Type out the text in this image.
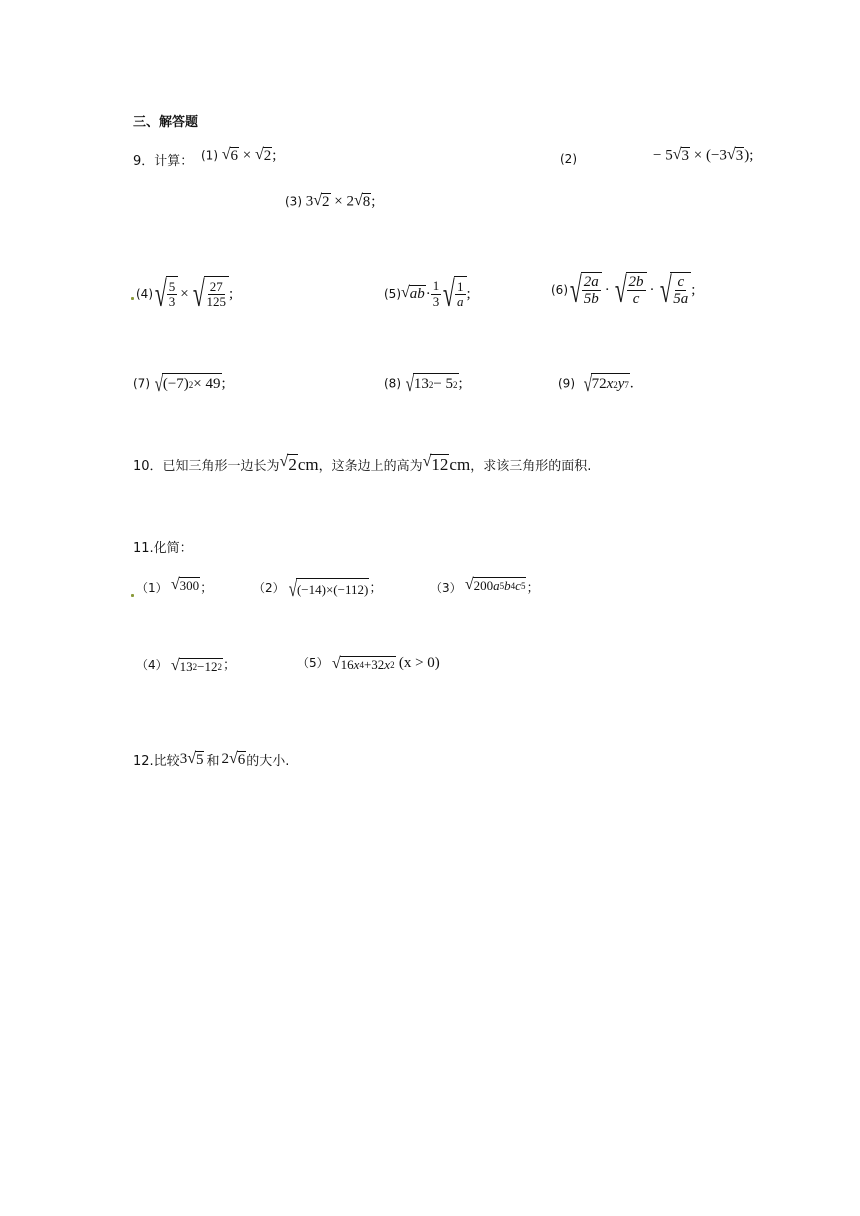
三、解答题
9．计算： (1) √ 6 × √ 2 ;	(2)	− 5 √ 3 × (−3 √ 3 );
(3) 3 √ 2 × 2 √ 8 ;
(4) √ $\frac{5}{3}$ × √ $\frac{27}{125}$ ;	(5) √ ab · $\frac{1}{3}$ √ $\frac{1}{a}$ ;	(6) √ $\frac{2a}{5b}$ · √ $\frac{2b}{c}$ · √ $\frac{c}{5a}$ ;
(7) √ (−7) 2 × 49 ;	(8) √ 13 2 − 5 2 ;	(9) √ 72 x 2 y 7 .
10．已知三角形一边长为 √ 2 cm ，这条边上的高为 √ 12 cm ，求该三角形的面积.
11.化简：
（1） √ 300 ；	（2） √ (−14)×(−112) ；	（3） √ 200 a 5 b 4 c 5 ；
（4） √ 13 2 −12 2 ；	（5） √ 16 x 4 +32 x 2 (x > 0)
12.比较 3 √ 5 和 2 √ 6 的大小.
